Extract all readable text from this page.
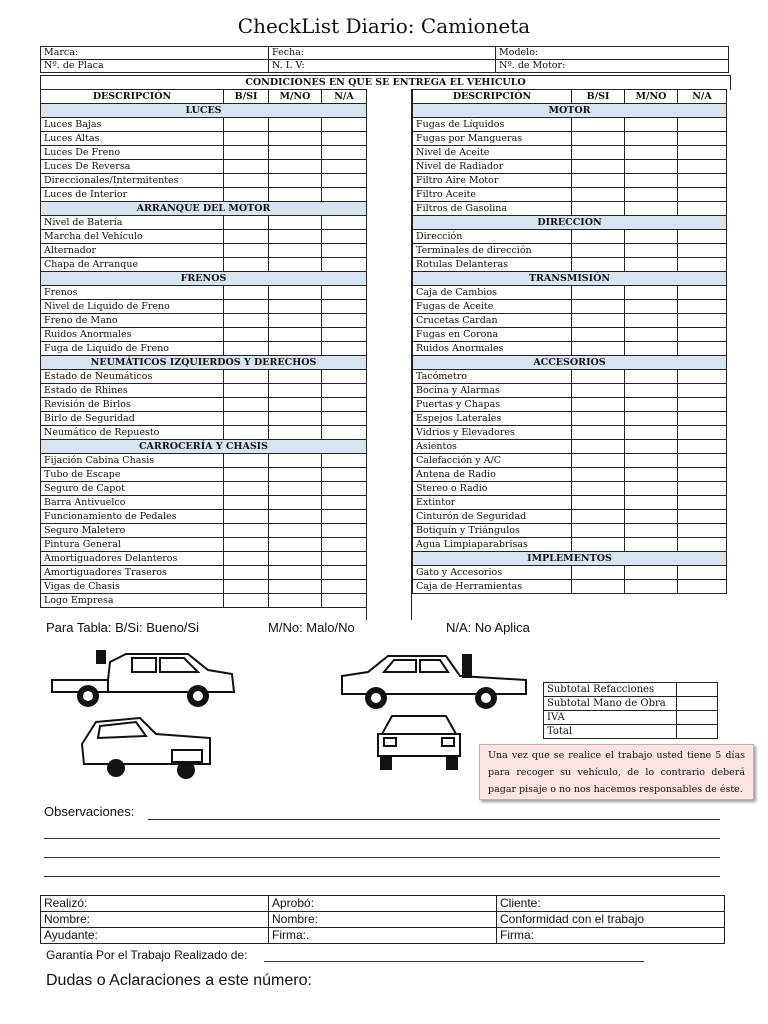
CheckList Diario: Camioneta
Marca:	Fecha:	Modelo:
Nº. de Placa	N. I. V:	Nº. de Motor:
CONDICIONES EN QUE SE ENTREGA EL VEHICULO
DESCRIPCIÓN	B/SI	M/NO	N/A
LUCES			
Luces Bajas			
Luces Altas			
Luces De Freno			
Luces De Reversa			
Direccionales/Intermitentes			
Luces de Interior			
ARRANQUE DEL MOTOR			
Nivel de Batería			
Marcha del Vehículo			
Alternador			
Chapa de Arranque			
FRENOS			
Frenos			
Nivel de Liquido de Freno			
Freno de Mano			
Ruidos Anormales			
Fuga de Liquido de Freno			
NEUMÁTICOS IZQUIERDOS Y DERECHOS			
Estado de Neumáticos			
Estado de Rhines			
Revisión de Birlos			
Birlo de Seguridad			
Neumático de Repuesto			
CARROCERÍA Y CHASIS			
Fijación Cabina Chasis			
Tubo de Escape			
Seguro de Capot			
Barra Antivuelco			
Funcionamiento de Pedales			
Seguro Maletero			
Pintura General			
Amortiguadores Delanteros			
Amortiguadores Traseros			
Vigas de Chasis			
Logo Empresa			
DESCRIPCIÓN	B/SI	M/NO	N/A
MOTOR			
Fugas de Líquidos			
Fugas por Mangueras			
Nivel de Aceite			
Nivel de Radiador			
Filtro Aire Motor			
Filtro Aceite			
Filtros de Gasolina			
DIRECCION			
Dirección			
Terminales de dirección			
Rotulas Delanteras			
TRANSMISIÓN			
Caja de Cambios			
Fugas de Aceite			
Crucetas Cardan			
Fugas en Corona			
Ruidos Anormales			
ACCESORIOS			
Tacómetro			
Bocina y Alarmas			
Puertas y Chapas			
Espejos Laterales			
Vidrios y Elevadores			
Asientos			
Calefacción y A/C			
Antena de Radio			
Stereo o Radio			
Extintor			
Cinturón de Seguridad			
Botiquín y Triángulos			
Agua Limpiaparabrisas			
IMPLEMENTOS			
Gato y Accesorios			
Caja de Herramientas			
Para Tabla: B/Si: Bueno/Si	M/No: Malo/No	N/A: No Aplica
Subtotal Refacciones	
Subtotal Mano de Obra	
IVA	
Total	
Una vez que se realice el trabajo usted tiene 5 días para recoger su vehículo, de lo contrario deberá pagar pisaje o no nos hacemos responsables de éste.
Observaciones:
Realizó:	Aprobó:	Cliente:
Nombre:	Nombre:	Conformidad con el trabajo
Ayudante:	Firma:.	Firma:
Garantía Por el Trabajo Realizado de:
Dudas o Aclaraciones a este número:
